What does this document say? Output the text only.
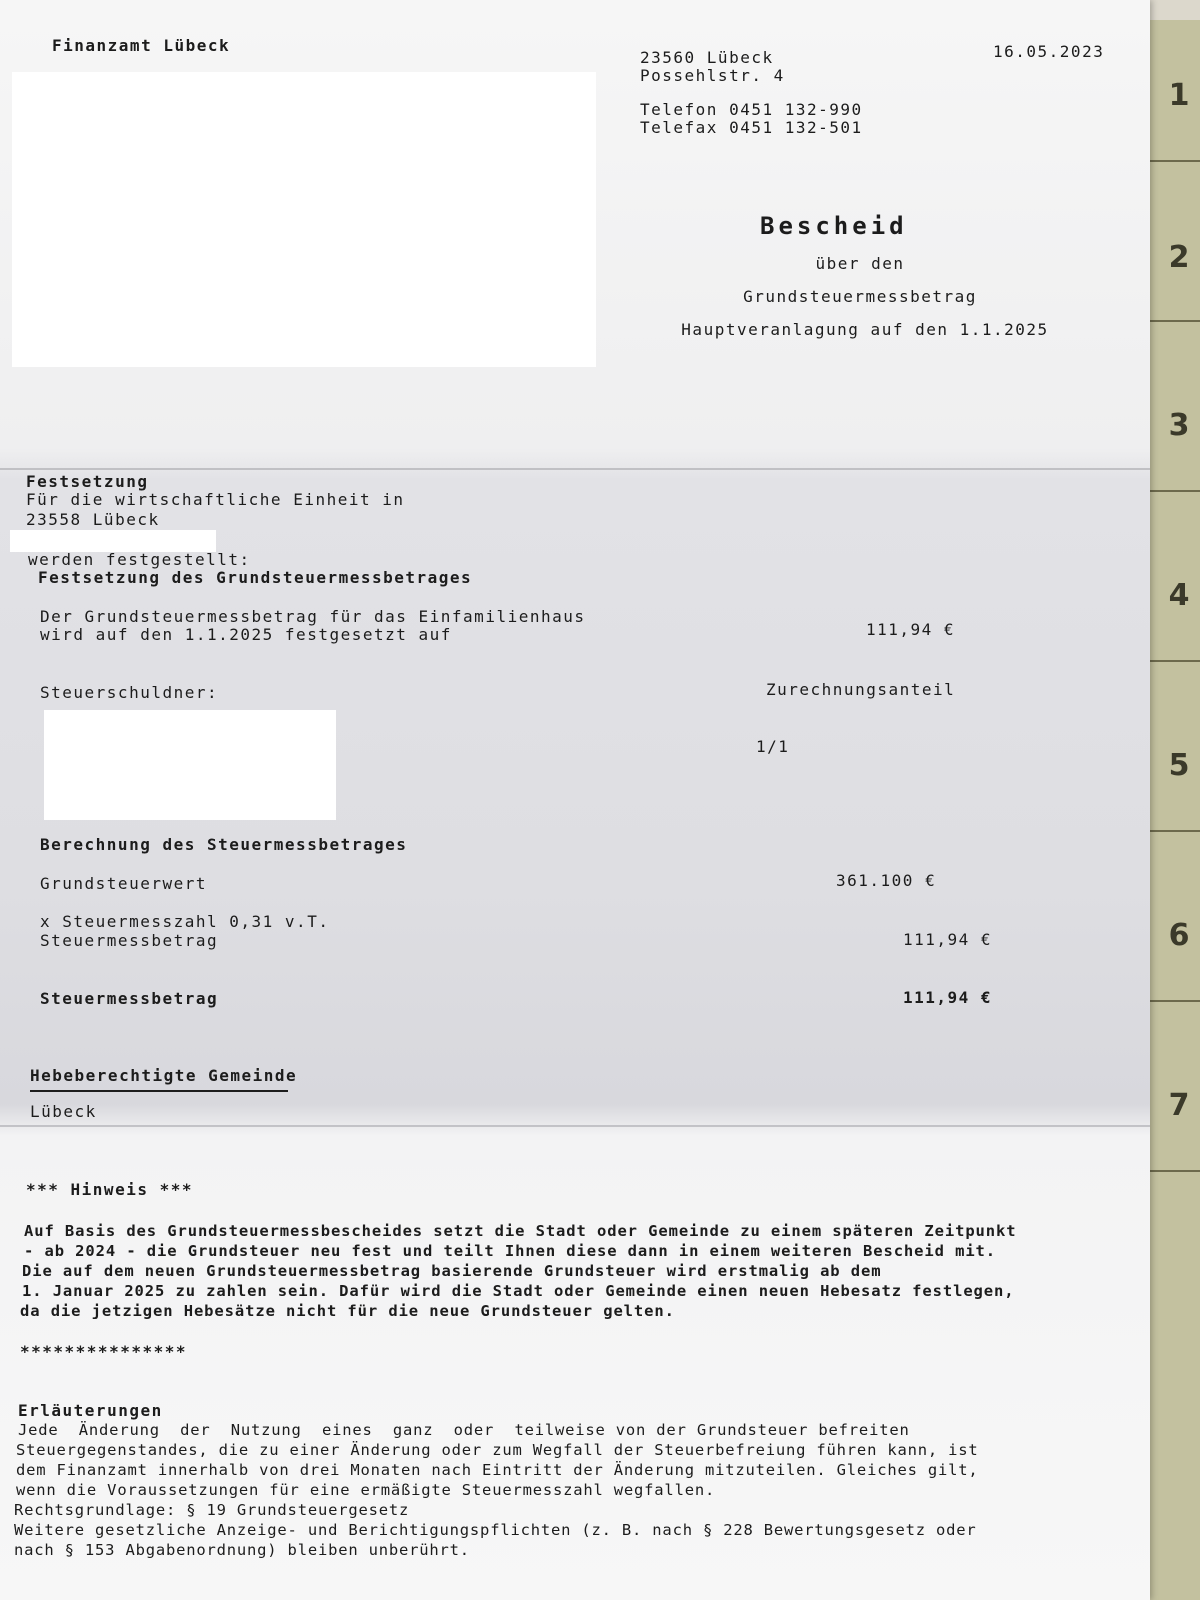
1
2
3
4
5
6
7
Finanzamt Lübeck
23560 Lübeck
Possehlstr. 4
16.05.2023
Telefon 0451 132-990
Telefax 0451 132-501
Bescheid
über den
Grundsteuermessbetrag
Hauptveranlagung auf den 1.1.2025
Festsetzung
Für die wirtschaftliche Einheit in
23558 Lübeck
werden festgestellt:
Festsetzung des Grundsteuermessbetrages
Der Grundsteuermessbetrag für das Einfamilienhaus
wird auf den 1.1.2025 festgesetzt auf	111,94 €
Steuerschuldner:	Zurechnungsanteil
1/1
Berechnung des Steuermessbetrages
Grundsteuerwert	361.100 €
x Steuermesszahl 0,31 v.T.
Steuermessbetrag	111,94 €
Steuermessbetrag	111,94 €
Hebeberechtigte Gemeinde
Lübeck
*** Hinweis ***
Auf Basis des Grundsteuermessbescheides setzt die Stadt oder Gemeinde zu einem späteren Zeitpunkt
- ab 2024 - die Grundsteuer neu fest und teilt Ihnen diese dann in einem weiteren Bescheid mit.
Die auf dem neuen Grundsteuermessbetrag basierende Grundsteuer wird erstmalig ab dem
1. Januar 2025 zu zahlen sein. Dafür wird die Stadt oder Gemeinde einen neuen Hebesatz festlegen,
da die jetzigen Hebesätze nicht für die neue Grundsteuer gelten.
***************
Erläuterungen
Jede  Änderung  der  Nutzung  eines  ganz  oder  teilweise von der Grundsteuer befreiten
Steuergegenstandes, die zu einer Änderung oder zum Wegfall der Steuerbefreiung führen kann, ist
dem Finanzamt innerhalb von drei Monaten nach Eintritt der Änderung mitzuteilen. Gleiches gilt,
wenn die Voraussetzungen für eine ermäßigte Steuermesszahl wegfallen.
Rechtsgrundlage: § 19 Grundsteuergesetz
Weitere gesetzliche Anzeige- und Berichtigungspflichten (z. B. nach § 228 Bewertungsgesetz oder
nach § 153 Abgabenordnung) bleiben unberührt.
